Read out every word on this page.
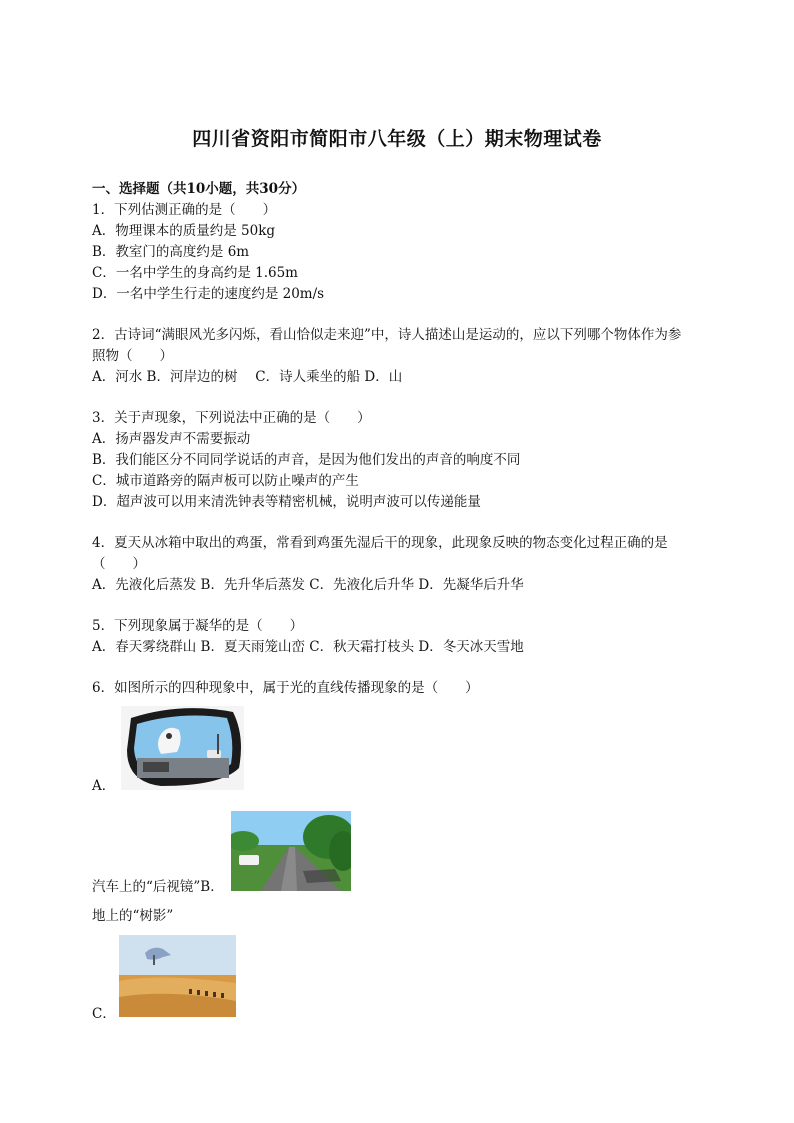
四川省资阳市简阳市八年级（上）期末物理试卷
一、选择题（共10小题，共30分）
1．下列估测正确的是（　　）
A．物理课本的质量约是 50kg
B．教室门的高度约是 6m
C．一名中学生的身高约是 1.65m
D．一名中学生行走的速度约是 20m/s
2．古诗词“满眼风光多闪烁，看山恰似走来迎”中，诗人描述山是运动的，应以下列哪个物体作为参
照物（　　）
A．河水 B．河岸边的树　 C．诗人乘坐的船 D．山
3．关于声现象，下列说法中正确的是（　　）
A．扬声器发声不需要振动
B．我们能区分不同同学说话的声音，是因为他们发出的声音的响度不同
C．城市道路旁的隔声板可以防止噪声的产生
D．超声波可以用来清洗钟表等精密机械，说明声波可以传递能量
4．夏天从冰箱中取出的鸡蛋，常看到鸡蛋先湿后干的现象，此现象反映的物态变化过程正确的是
（　　）
A．先液化后蒸发 B．先升华后蒸发 C．先液化后升华 D．先凝华后升华
5．下列现象属于凝华的是（　　）
A．春天雾绕群山 B．夏天雨笼山峦 C．秋天霜打枝头 D．冬天冰天雪地
6．如图所示的四种现象中，属于光的直线传播现象的是（　　）
A．
汽车上的“后视镜”B．
地上的“树影”
C．
